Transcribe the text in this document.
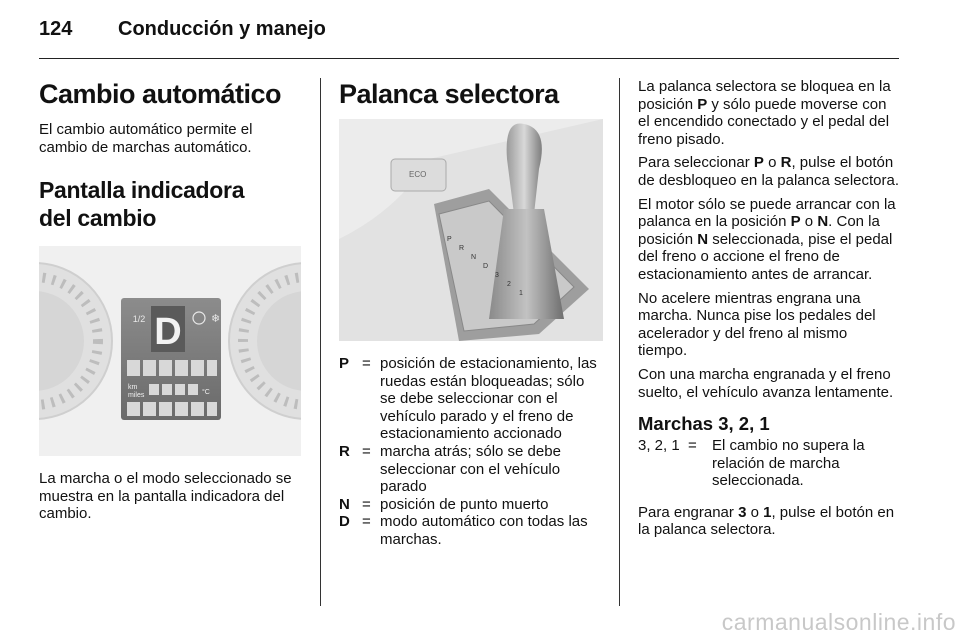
124 Conducción y manejo
Cambio automático

El cambio automático permite el cambio de marchas automático.

Pantalla indicadora del cambio
D
1/2	❄
km
miles	°C

La marcha o el modo seleccionado se muestra en la pantalla indicadora del cambio.

Palanca selectora
ECO
P
R
N
D
3
2
1
P = posición de estacionamiento, las ruedas están bloqueadas; sólo se debe seleccionar con el vehículo parado y el freno de estacionamiento accionado
R = marcha atrás; sólo se debe seleccionar con el vehículo parado
N = posición de punto muerto
D = modo automático con todas las marchas.

La palanca selectora se bloquea en la posición P y sólo puede moverse con el encendido conectado y el pedal del freno pisado.

Para seleccionar P o R, pulse el botón de desbloqueo en la palanca selectora.

El motor sólo se puede arrancar con la palanca en la posición P o N. Con la posición N seleccionada, pise el pedal del freno o accione el freno de estacionamiento antes de arrancar.

No acelere mientras engrana una marcha. Nunca pise los pedales del acelerador y del freno al mismo tiempo.

Con una marcha engranada y el freno suelto, el vehículo avanza lentamente.

Marchas 3, 2, 1
3, 2, 1 =	El cambio no supera la relación de marcha seleccionada.

Para engranar 3 o 1, pulse el botón en la palanca selectora.

carmanualsonline.info
